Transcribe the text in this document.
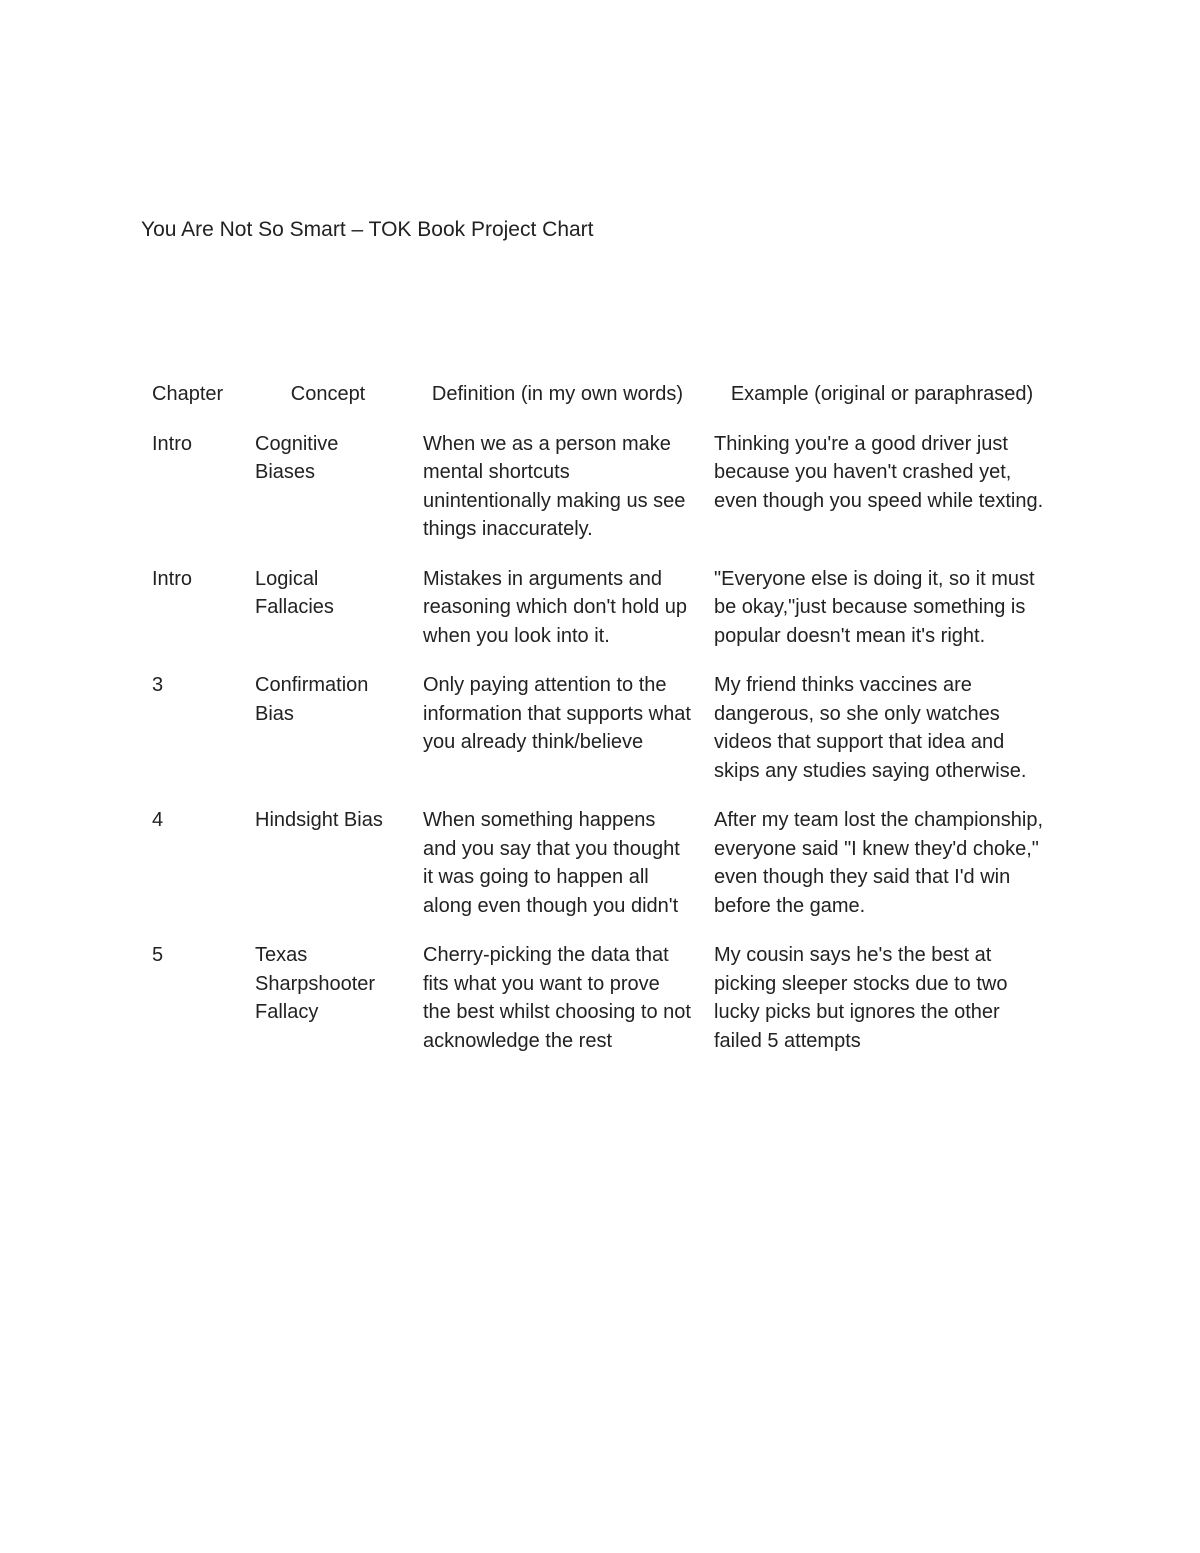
You Are Not So Smart – TOK Book Project Chart
Chapter	Concept	Definition (in my own words)	Example (original or paraphrased)
Intro	Cognitive Biases	When we as a person make mental shortcuts unintentionally making us see things inaccurately.	Thinking you're a good driver just because you haven't crashed yet, even though you speed while texting.
Intro	Logical Fallacies	Mistakes in arguments and reasoning which don't hold up when you look into it.	"Everyone else is doing it, so it must be okay,"just because something is popular doesn't mean it's right.
3	Confirmation Bias	Only paying attention to the information that supports what you already think/believe	My friend thinks vaccines are dangerous, so she only watches videos that support that idea and skips any studies saying otherwise.
4	Hindsight Bias	When something happens and you say that you thought it was going to happen all along even though you didn't	After my team lost the championship, everyone said "I knew they'd choke," even though they said that I'd win before the game.
5	Texas Sharpshooter Fallacy	Cherry-picking the data that fits what you want to prove the best whilst choosing to not acknowledge the rest	My cousin says he's the best at picking sleeper stocks due to two lucky picks but ignores the other failed 5 attempts
